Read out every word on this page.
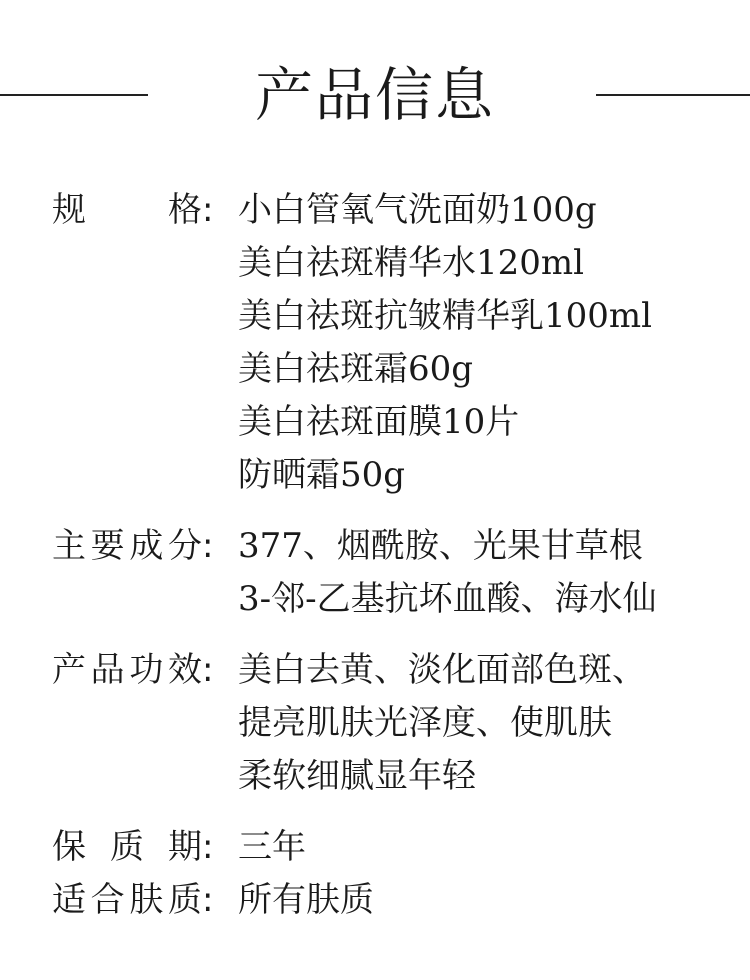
产品信息
规格: 小白管氧气洗面奶100g
美白祛斑精华水120ml
美白祛斑抗皱精华乳100ml
美白祛斑霜60g
美白祛斑面膜10片
防晒霜50g
主要成分: 377、烟酰胺、光果甘草根
3-邻-乙基抗坏血酸、海水仙
产品功效: 美白去黄、淡化面部色斑、
提亮肌肤光泽度、使肌肤
柔软细腻显年轻
保质期: 三年
适合肤质: 所有肤质
